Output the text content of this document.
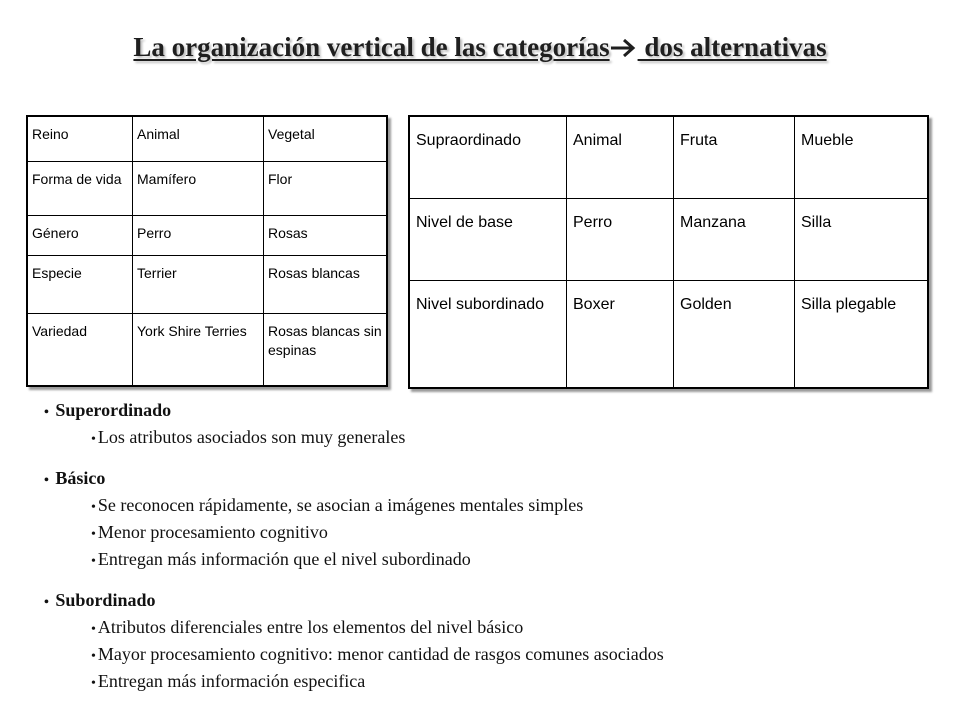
La organización vertical de las categorías dos alternativas
Reino	Animal	Vegetal
Forma de vida	Mamífero	Flor
Género	Perro	Rosas
Especie	Terrier	Rosas blancas
Variedad	York Shire Terries	Rosas blancas sin espinas
Supraordinado	Animal	Fruta	Mueble
Nivel de base	Perro	Manzana	Silla
Nivel subordinado	Boxer	Golden	Silla plegable
• Superordinado
• Los atributos asociados son muy generales
• Básico
• Se reconocen rápidamente, se asocian a imágenes mentales simples
• Menor procesamiento cognitivo
• Entregan más información que el nivel subordinado
• Subordinado
• Atributos diferenciales entre los elementos del nivel básico
• Mayor procesamiento cognitivo: menor cantidad de rasgos comunes asociados
• Entregan más información especifica
